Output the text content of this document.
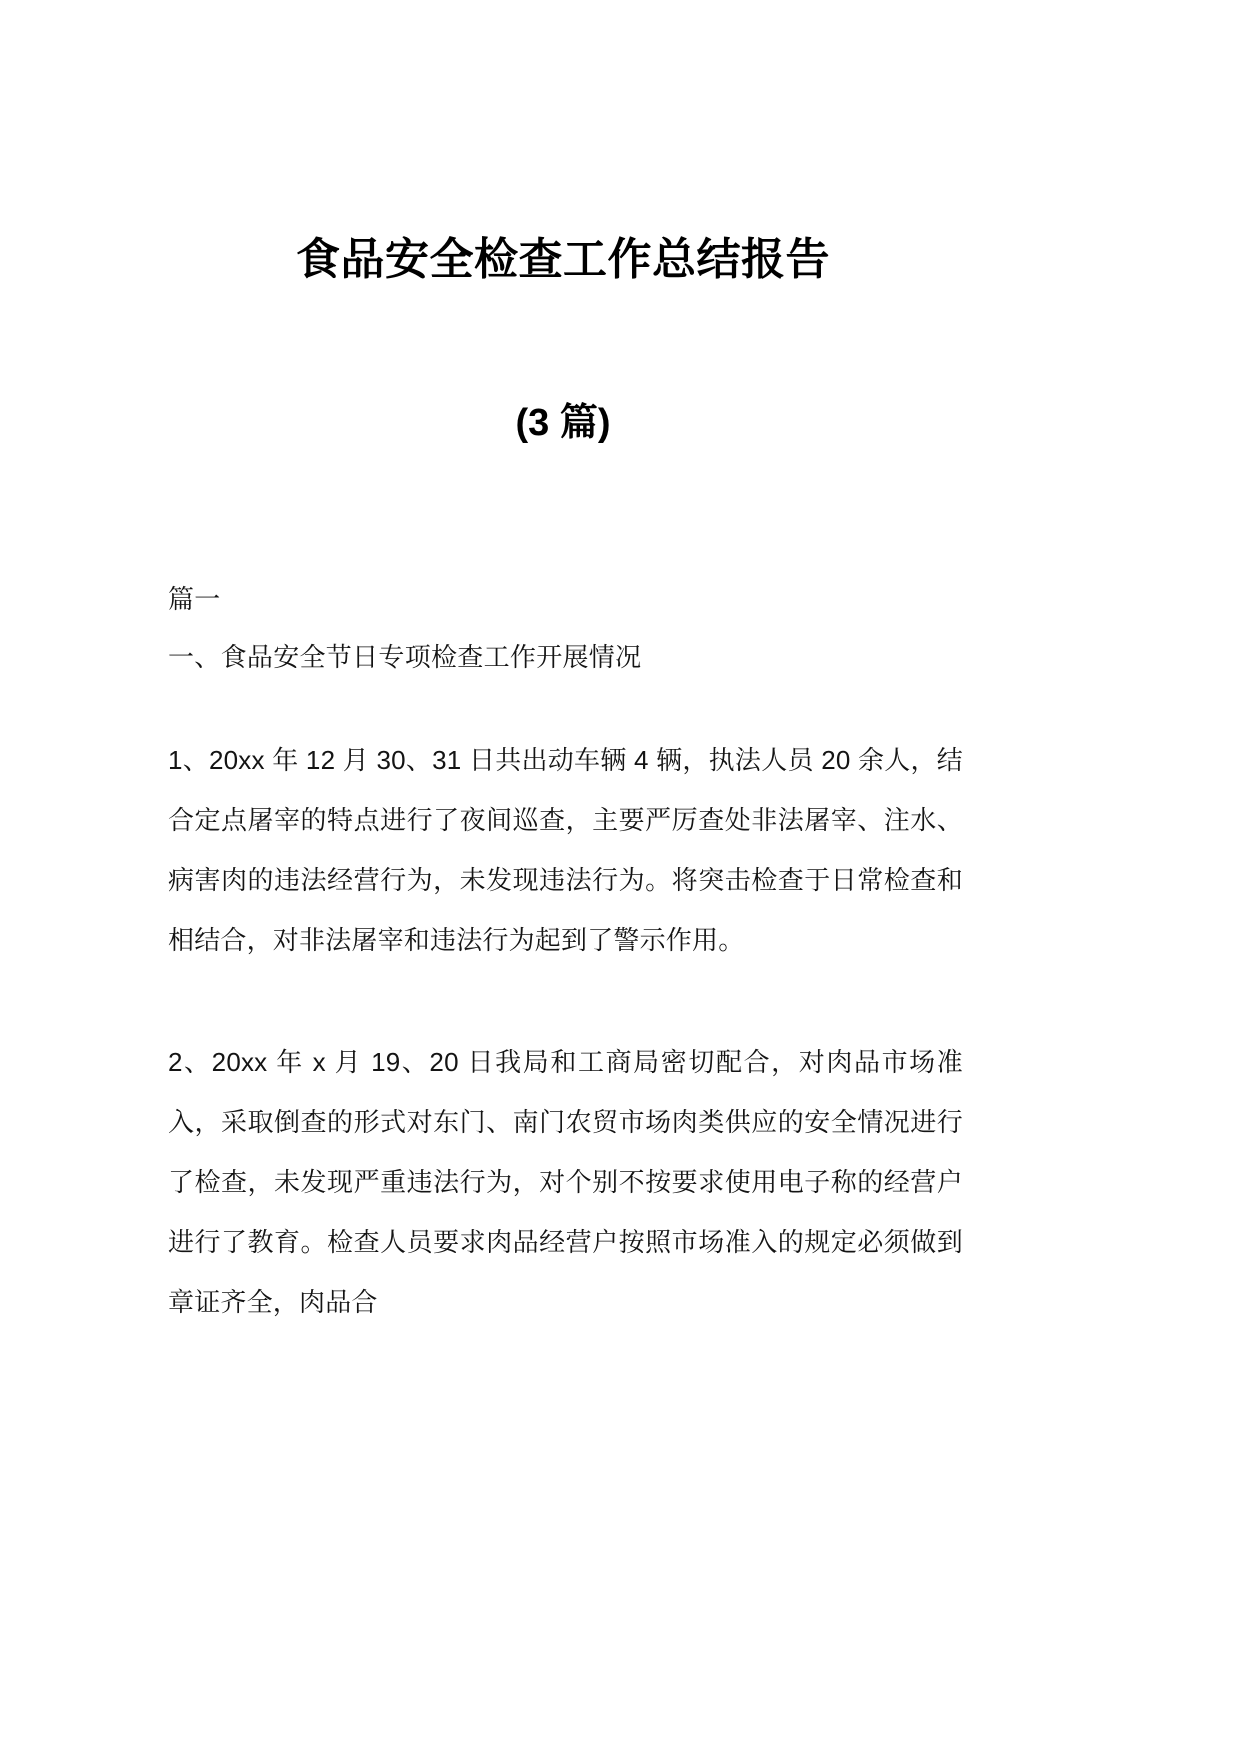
食品安全检查工作总结报告
(3 篇)
篇一
一、食品安全节日专项检查工作开展情况

1、20xx 年 12 月 30、31 日共出动车辆 4 辆，执法人员 20 余人，结合定点屠宰的特点进行了夜间巡查，主要严厉查处非法屠宰、注水、病害肉的违法经营行为，未发现违法行为。将突击检查于日常检查和相结合，对非法屠宰和违法行为起到了警示作用。

2、20xx 年 x 月 19、20 日我局和工商局密切配合，对肉品市场准入，采取倒查的形式对东门、南门农贸市场肉类供应的安全情况进行了检查，未发现严重违法行为，对个别不按要求使用电子称的经营户进行了教育。检查人员要求肉品经营户按照市场准入的规定必须做到章证齐全，肉品合
